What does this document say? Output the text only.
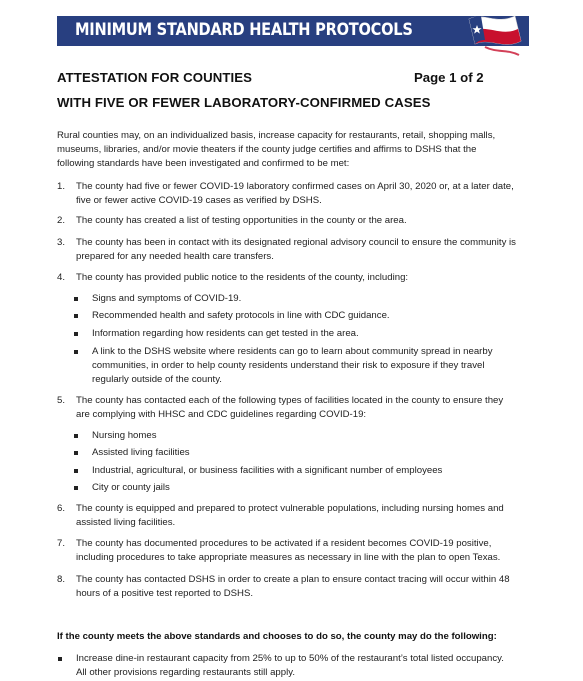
MINIMUM STANDARD HEALTH PROTOCOLS
ATTESTATION FOR COUNTIES	Page 1 of 2
WITH FIVE OR FEWER LABORATORY-CONFIRMED CASES
Rural counties may, on an individualized basis, increase capacity for restaurants, retail, shopping malls,
museums, libraries, and/or movie theaters if the county judge certifies and affirms to DSHS that the
following standards have been investigated and confirmed to be met:
1.	The county had five or fewer COVID-19 laboratory confirmed cases on April 30, 2020 or, at a later date,
five or fewer active COVID-19 cases as verified by DSHS.
2.	The county has created a list of testing opportunities in the county or the area.
3.	The county has been in contact with its designated regional advisory council to ensure the community is
prepared for any needed health care transfers.
4.	The county has provided public notice to the residents of the county, including:
Signs and symptoms of COVID-19.
Recommended health and safety protocols in line with CDC guidance.
Information regarding how residents can get tested in the area.
A link to the DSHS website where residents can go to learn about community spread in nearby
communities, in order to help county residents understand their risk to exposure if they travel
regularly outside of the county.
5.	The county has contacted each of the following types of facilities located in the county to ensure they
are complying with HHSC and CDC guidelines regarding COVID-19:
Nursing homes
Assisted living facilities
Industrial, agricultural, or business facilities with a significant number of employees
City or county jails
6.	The county is equipped and prepared to protect vulnerable populations, including nursing homes and
assisted living facilities.
7.	The county has documented procedures to be activated if a resident becomes COVID-19 positive,
including procedures to take appropriate measures as necessary in line with the plan to open Texas.
8.	The county has contacted DSHS in order to create a plan to ensure contact tracing will occur within 48
hours of a positive test reported to DSHS.
If the county meets the above standards and chooses to do so, the county may do the following:
Increase dine-in restaurant capacity from 25% to up to 50% of the restaurant’s total listed occupancy.
All other provisions regarding restaurants still apply.
